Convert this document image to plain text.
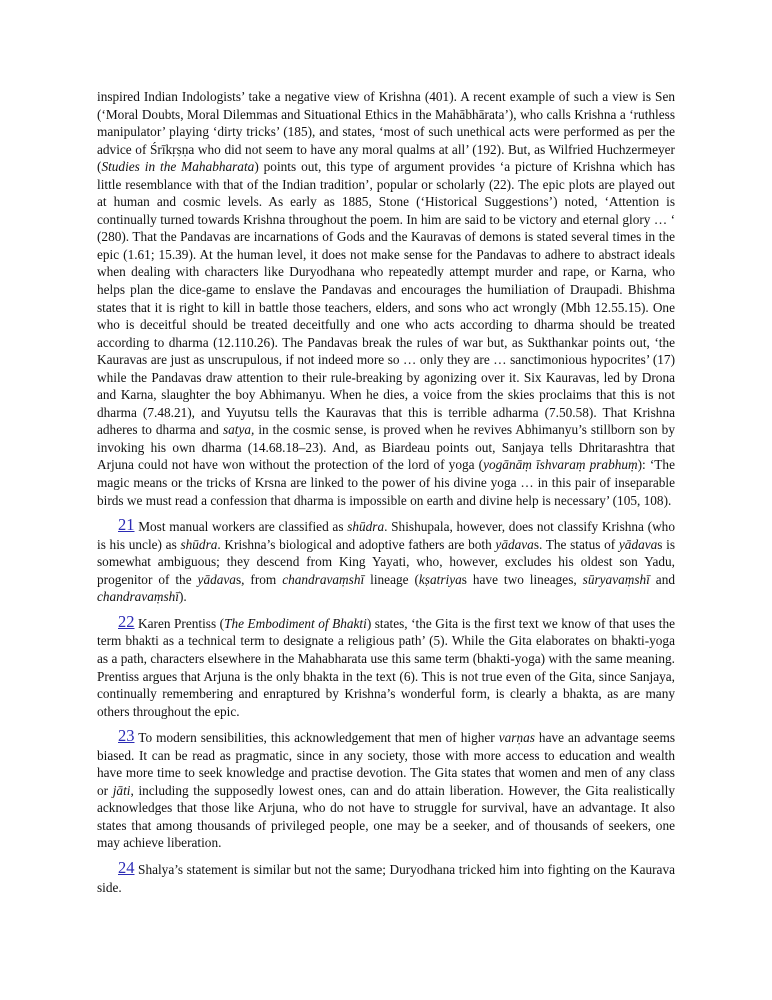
inspired Indian Indologists’ take a negative view of Krishna (401). A recent example of such a view is Sen (‘Moral Doubts, Moral Dilemmas and Situational Ethics in the Mahābhārata’), who calls Krishna a ‘ruthless manipulator’ playing ‘dirty tricks’ (185), and states, ‘most of such unethical acts were performed as per the advice of Śrīkṛṣṇa who did not seem to have any moral qualms at all’ (192). But, as Wilfried Huchzermeyer (Studies in the Mahabharata) points out, this type of argument provides ‘a picture of Krishna which has little resemblance with that of the Indian tradition’, popular or scholarly (22). The epic plots are played out at human and cosmic levels. As early as 1885, Stone (‘Historical Suggestions’) noted, ‘Attention is continually turned towards Krishna throughout the poem. In him are said to be victory and eternal glory … ‘ (280). That the Pandavas are incarnations of Gods and the Kauravas of demons is stated several times in the epic (1.61; 15.39). At the human level, it does not make sense for the Pandavas to adhere to abstract ideals when dealing with characters like Duryodhana who repeatedly attempt murder and rape, or Karna, who helps plan the dice-game to enslave the Pandavas and encourages the humiliation of Draupadi. Bhishma states that it is right to kill in battle those teachers, elders, and sons who act wrongly (Mbh 12.55.15). One who is deceitful should be treated deceitfully and one who acts according to dharma should be treated according to dharma (12.110.26). The Pandavas break the rules of war but, as Sukthankar points out, ‘the Kauravas are just as unscrupulous, if not indeed more so … only they are … sanctimonious hypocrites’ (17) while the Pandavas draw attention to their rule-breaking by agonizing over it. Six Kauravas, led by Drona and Karna, slaughter the boy Abhimanyu. When he dies, a voice from the skies proclaims that this is not dharma (7.48.21), and Yuyutsu tells the Kauravas that this is terrible adharma (7.50.58). That Krishna adheres to dharma and satya, in the cosmic sense, is proved when he revives Abhimanyu’s stillborn son by invoking his own dharma (14.68.18–23). And, as Biardeau points out, Sanjaya tells Dhritarashtra that Arjuna could not have won without the protection of the lord of yoga (yogānāṃ īshvaraṃ prabhuṃ): ‘The magic means or the tricks of Krsna are linked to the power of his divine yoga … in this pair of inseparable birds we must read a confession that dharma is impossible on earth and divine help is necessary’ (105, 108).

21 Most manual workers are classified as shūdra. Shishupala, however, does not classify Krishna (who is his uncle) as shūdra. Krishna’s biological and adoptive fathers are both yādavas. The status of yādavas is somewhat ambiguous; they descend from King Yayati, who, however, excludes his oldest son Yadu, progenitor of the yādavas, from chandravaṃshī lineage (kṣatriyas have two lineages, sūryavaṃshī and chandravaṃshī).

22 Karen Prentiss (The Embodiment of Bhakti) states, ‘the Gita is the first text we know of that uses the term bhakti as a technical term to designate a religious path’ (5). While the Gita elaborates on bhakti-yoga as a path, characters elsewhere in the Mahabharata use this same term (bhakti-yoga) with the same meaning. Prentiss argues that Arjuna is the only bhakta in the text (6). This is not true even of the Gita, since Sanjaya, continually remembering and enraptured by Krishna’s wonderful form, is clearly a bhakta, as are many others throughout the epic.

23 To modern sensibilities, this acknowledgement that men of higher varṇas have an advantage seems biased. It can be read as pragmatic, since in any society, those with more access to education and wealth have more time to seek knowledge and practise devotion. The Gita states that women and men of any class or jāti, including the supposedly lowest ones, can and do attain liberation. However, the Gita realistically acknowledges that those like Arjuna, who do not have to struggle for survival, have an advantage. It also states that among thousands of privileged people, one may be a seeker, and of thousands of seekers, one may achieve liberation.

24 Shalya’s statement is similar but not the same; Duryodhana tricked him into fighting on the Kaurava side.
